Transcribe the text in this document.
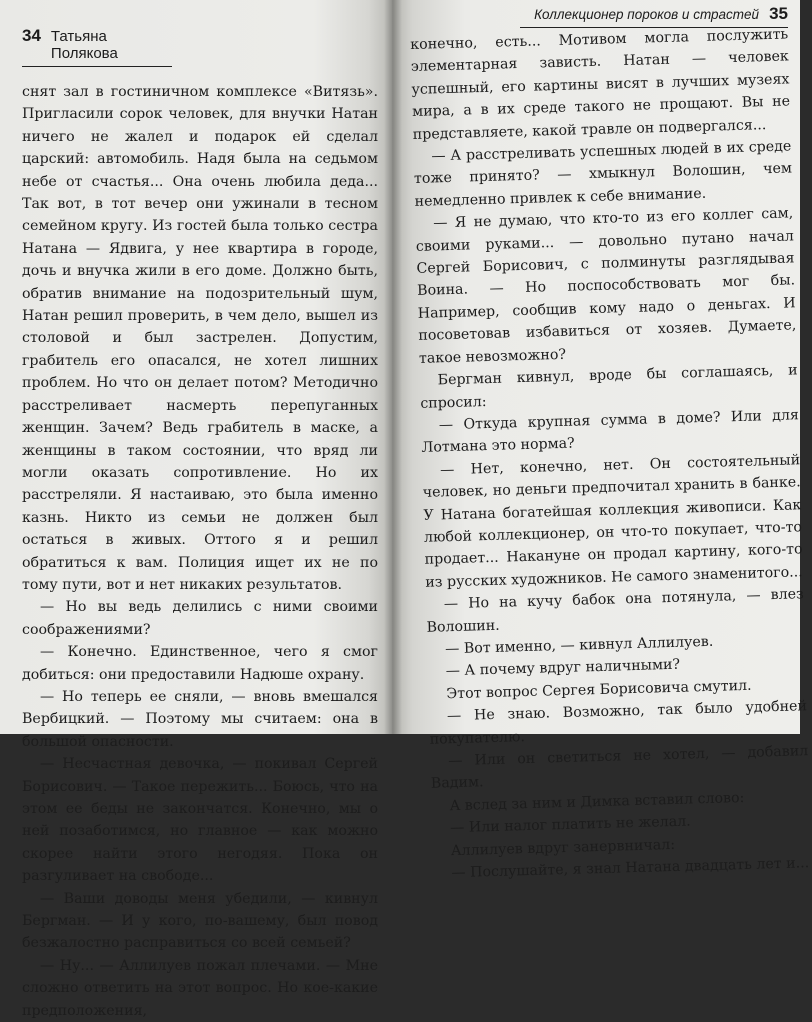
34 Татьяна Полякова

снят зал в гостиничном комплексе «Витязь». Пригласили сорок человек, для внучки Натан ничего не жалел и подарок ей сделал царский: автомобиль. Надя была на седьмом небе от счастья... Она очень любила деда... Так вот, в тот вечер они ужинали в тесном семейном кругу. Из гостей была только сестра Натана — Ядвига, у нее квартира в городе, дочь и внучка жили в его доме. Должно быть, обратив внимание на подозрительный шум, Натан решил проверить, в чем дело, вышел из столовой и был застрелен. Допустим, грабитель его опасался, не хотел лишних проблем. Но что он делает потом? Методично расстреливает насмерть перепуганных женщин. Зачем? Ведь грабитель в маске, а женщины в таком состоянии, что вряд ли могли оказать сопротивление. Но их расстреляли. Я настаиваю, это была именно казнь. Никто из семьи не должен был остаться в живых. Оттого я и решил обратиться к вам. Полиция ищет их не по тому пути, вот и нет никаких результатов.

— Но вы ведь делились с ними своими соображениями?

— Конечно. Единственное, чего я смог добиться: они предоставили Надюше охрану.

— Но теперь ее сняли, — вновь вмешался Вербицкий. — Поэтому мы считаем: она в большой опасности.

— Несчастная девочка, — покивал Сергей Борисович. — Такое пережить... Боюсь, что на этом ее беды не закончатся. Конечно, мы о ней позаботимся, но главное — как можно скорее найти этого негодяя. Пока он разгуливает на свободе...

— Ваши доводы меня убедили, — кивнул Бергман. — И у кого, по-вашему, был повод безжалостно расправиться со всей семьей?

— Ну... — Аллилуев пожал плечами. — Мне сложно ответить на этот вопрос. Но кое-какие предположения,

Коллекционер пороков и страстей 35

конечно, есть... Мотивом могла послужить элементарная зависть. Натан — человек успешный, его картины висят в лучших музеях мира, а в их среде такого не прощают. Вы не представляете, какой травле он подвергался...

— А расстреливать успешных людей в их среде тоже принято? — хмыкнул Волошин, чем немедленно привлек к себе внимание.

— Я не думаю, что кто-то из его коллег сам, своими руками... — довольно путано начал Сергей Борисович, с полминуты разглядывая Воина. — Но поспособствовать мог бы. Например, сообщив кому надо о деньгах. И посоветовав избавиться от хозяев. Думаете, такое невозможно?

Бергман кивнул, вроде бы соглашаясь, и спросил:

— Откуда крупная сумма в доме? Или для Лотмана это норма?

— Нет, конечно, нет. Он состоятельный человек, но деньги предпочитал хранить в банке. У Натана богатейшая коллекция живописи. Как любой коллекционер, он что-то покупает, что-то продает... Накануне он продал картину, кого-то из русских художников. Не самого знаменитого...

— Но на кучу бабок она потянула, — влез Волошин.

— Вот именно, — кивнул Аллилуев.

— А почему вдруг наличными?

Этот вопрос Сергея Борисовича смутил.

— Не знаю. Возможно, так было удобней покупателю.

— Или он светиться не хотел, — добавил Вадим.

А вслед за ним и Димка вставил слово:

— Или налог платить не желал.

Аллилуев вдруг занервничал:

— Послушайте, я знал Натана двадцать лет и...
